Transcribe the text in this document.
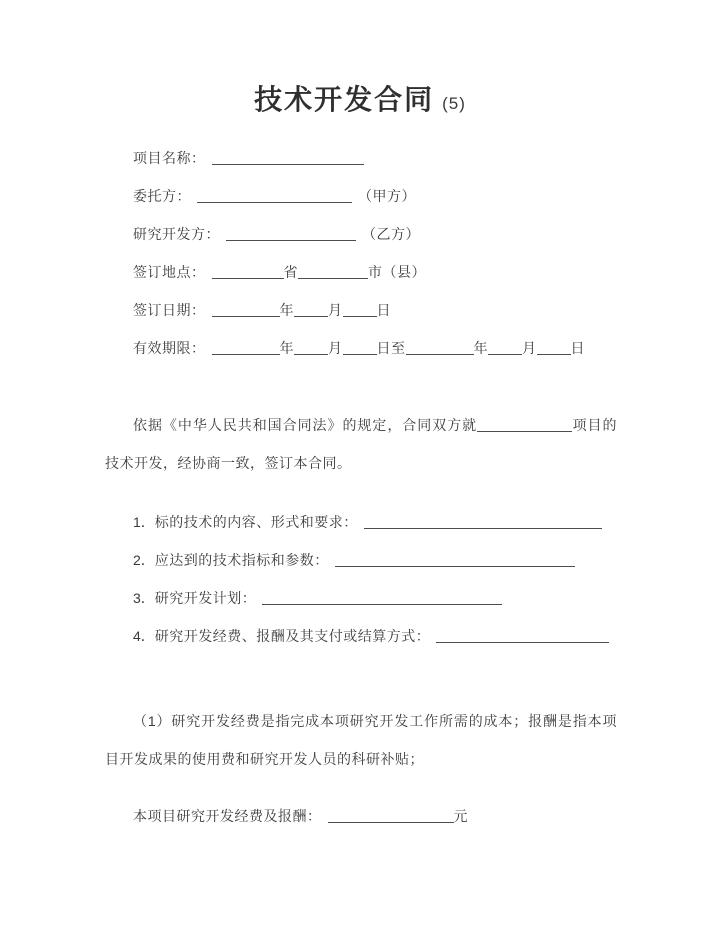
技术开发合同 (5)
项目名称：
委托方：	（甲方）
研究开发方：	（乙方）
签订地点：	省	市（县）
签订日期：	年 月 日
有效期限：	年 月 日至	年 月 日

依据《中华人民共和国合同法》的规定，合同双方就	项目的技术开发，经协商一致，签订本合同。

1．标的技术的内容、形式和要求：
2．应达到的技术指标和参数：
3．研究开发计划：
4．研究开发经费、报酬及其支付或结算方式：

（1）研究开发经费是指完成本项研究开发工作所需的成本；报酬是指本项目开发成果的使用费和研究开发人员的科研补贴；

本项目研究开发经费及报酬：	元
